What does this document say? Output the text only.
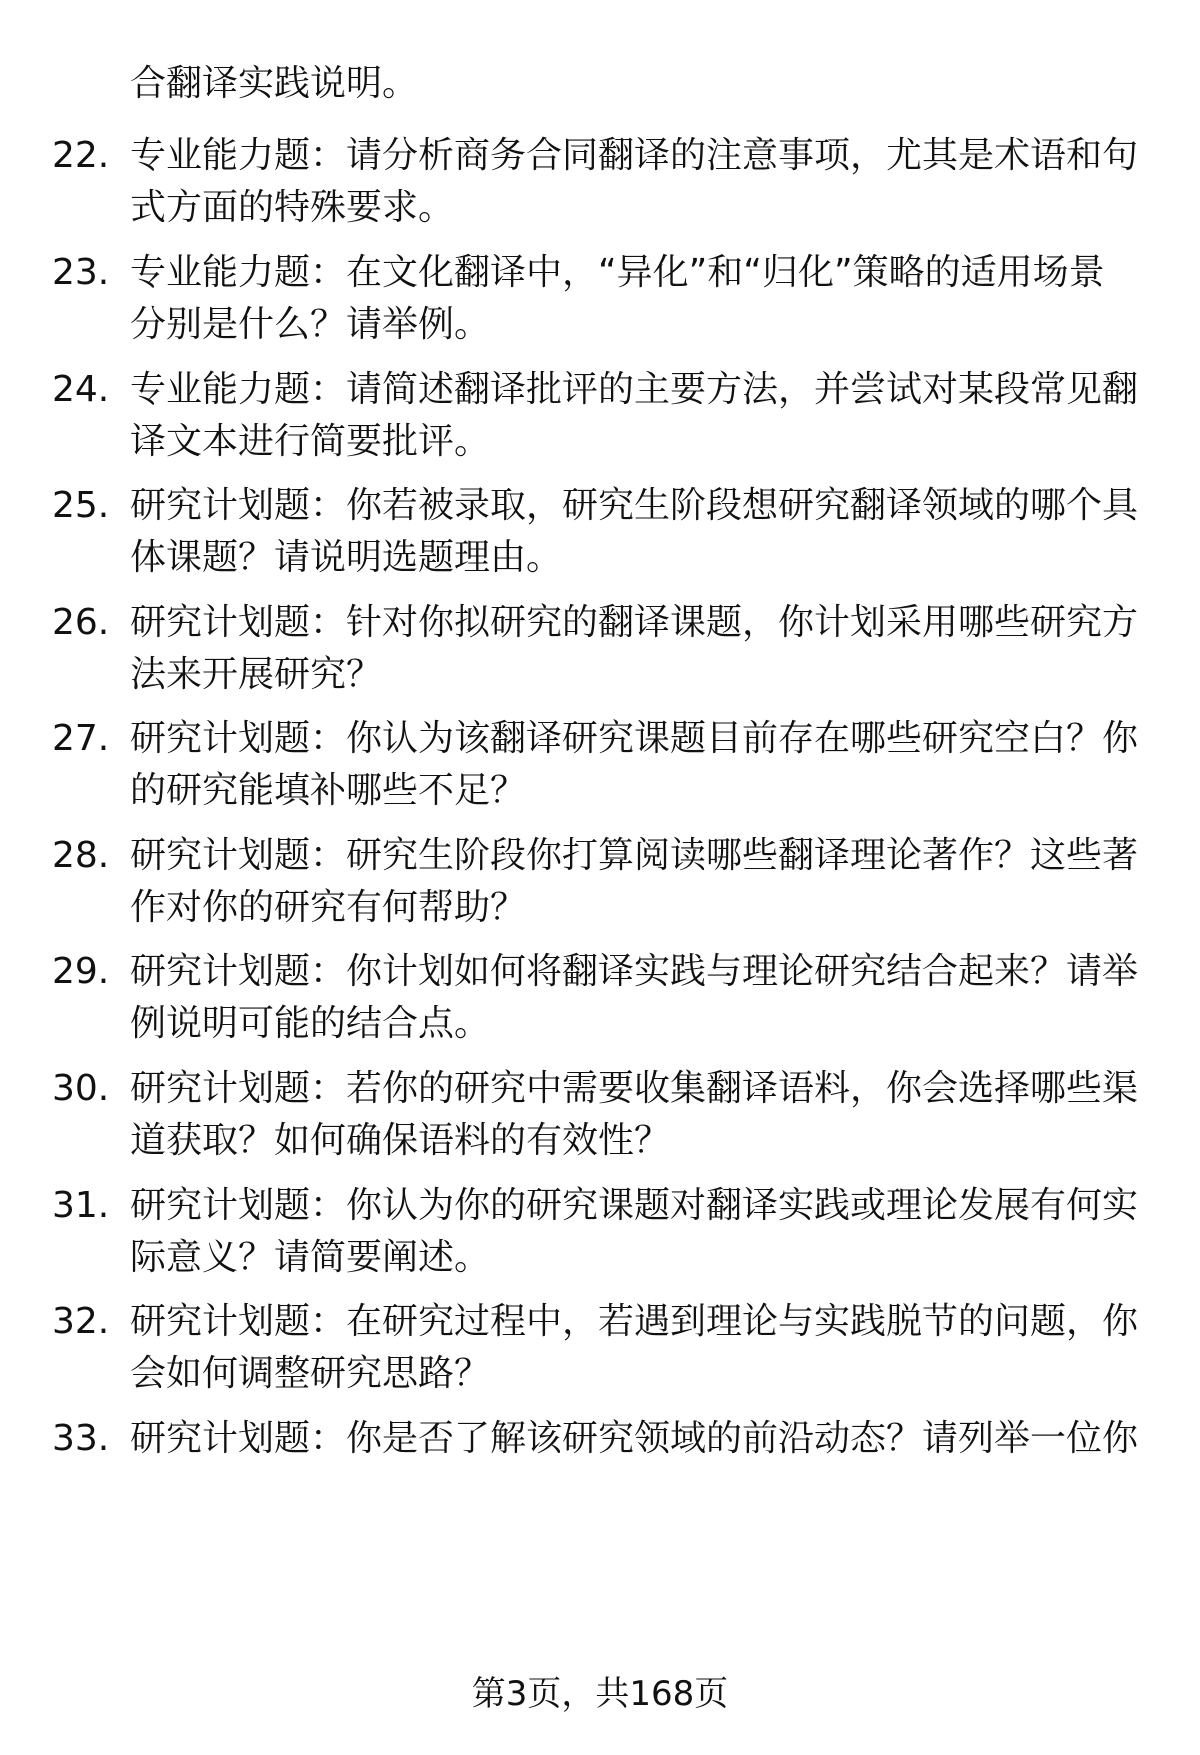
合翻译实践说明。
22. 专业能力题：请分析商务合同翻译的注意事项，尤其是术语和句式方面的特殊要求。
23. 专业能力题：在文化翻译中，“异化”和“归化”策略的适用场景分别是什么？请举例。
24. 专业能力题：请简述翻译批评的主要方法，并尝试对某段常见翻译文本进行简要批评。
25. 研究计划题：你若被录取，研究生阶段想研究翻译领域的哪个具体课题？请说明选题理由。
26. 研究计划题：针对你拟研究的翻译课题，你计划采用哪些研究方法来开展研究？
27. 研究计划题：你认为该翻译研究课题目前存在哪些研究空白？你的研究能填补哪些不足？
28. 研究计划题：研究生阶段你打算阅读哪些翻译理论著作？这些著作对你的研究有何帮助？
29. 研究计划题：你计划如何将翻译实践与理论研究结合起来？请举例说明可能的结合点。
30. 研究计划题：若你的研究中需要收集翻译语料，你会选择哪些渠道获取？如何确保语料的有效性？
31. 研究计划题：你认为你的研究课题对翻译实践或理论发展有何实际意义？请简要阐述。
32. 研究计划题：在研究过程中，若遇到理论与实践脱节的问题，你会如何调整研究思路？
33. 研究计划题：你是否了解该研究领域的前沿动态？请列举一位你
第3页，共168页
